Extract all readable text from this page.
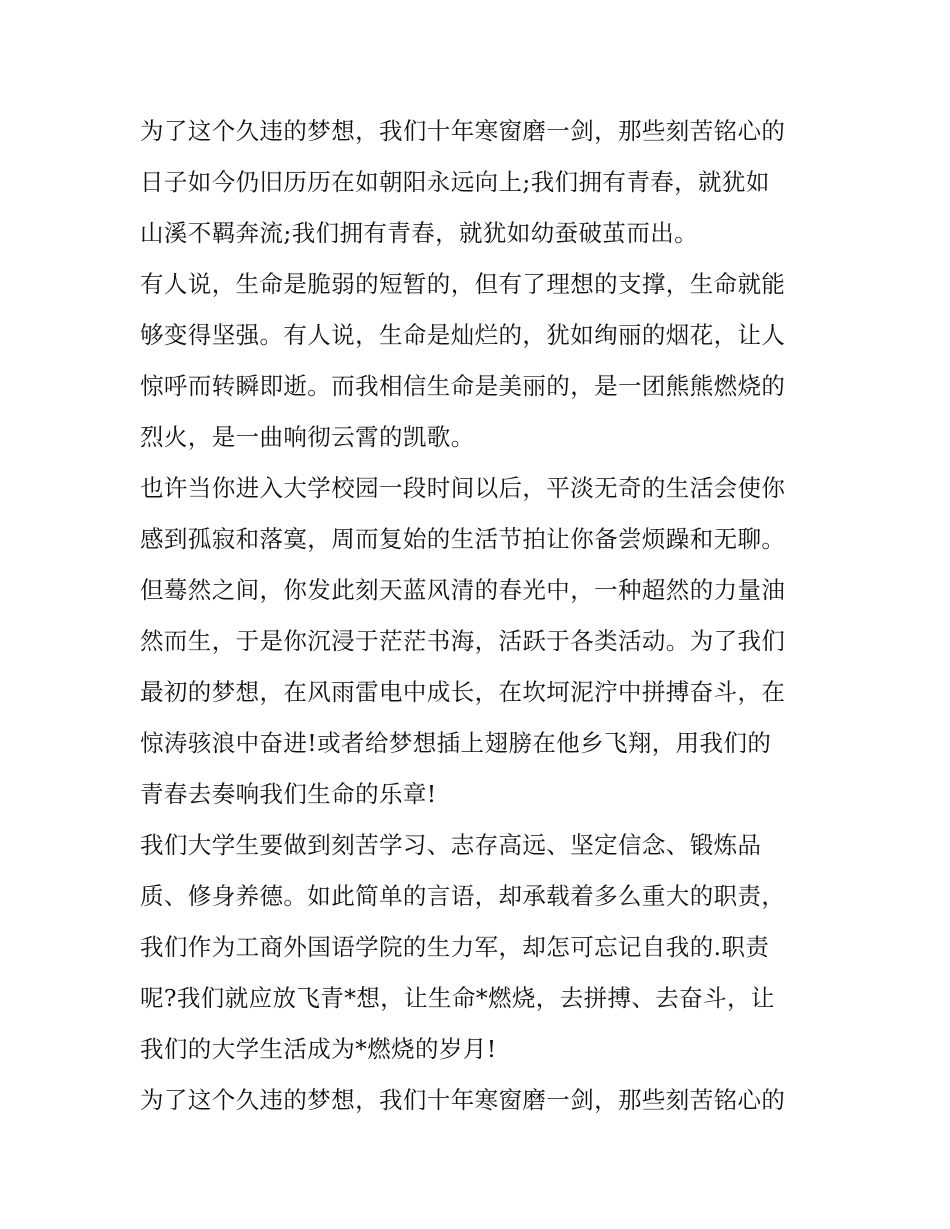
为了这个久违的梦想，我们十年寒窗磨一剑，那些刻苦铭心的
日子如今仍旧历历在如朝阳永远向上;我们拥有青春，就犹如
山溪不羁奔流;我们拥有青春，就犹如幼蚕破茧而出。
有人说，生命是脆弱的短暂的，但有了理想的支撑，生命就能
够变得坚强。有人说，生命是灿烂的，犹如绚丽的烟花，让人
惊呼而转瞬即逝。而我相信生命是美丽的，是一团熊熊燃烧的
烈火，是一曲响彻云霄的凯歌。
也许当你进入大学校园一段时间以后，平淡无奇的生活会使你
感到孤寂和落寞，周而复始的生活节拍让你备尝烦躁和无聊。
但蓦然之间，你发此刻天蓝风清的春光中，一种超然的力量油
然而生，于是你沉浸于茫茫书海，活跃于各类活动。为了我们
最初的梦想，在风雨雷电中成长，在坎坷泥泞中拼搏奋斗，在
惊涛骇浪中奋进!或者给梦想插上翅膀在他乡飞翔，用我们的
青春去奏响我们生命的乐章!
我们大学生要做到刻苦学习、志存高远、坚定信念、锻炼品
质、修身养德。如此简单的言语，却承载着多么重大的职责，
我们作为工商外国语学院的生力军，却怎可忘记自我的.职责
呢?我们就应放飞青*想，让生命*燃烧，去拼搏、去奋斗，让
我们的大学生活成为*燃烧的岁月!
为了这个久违的梦想，我们十年寒窗磨一剑，那些刻苦铭心的
